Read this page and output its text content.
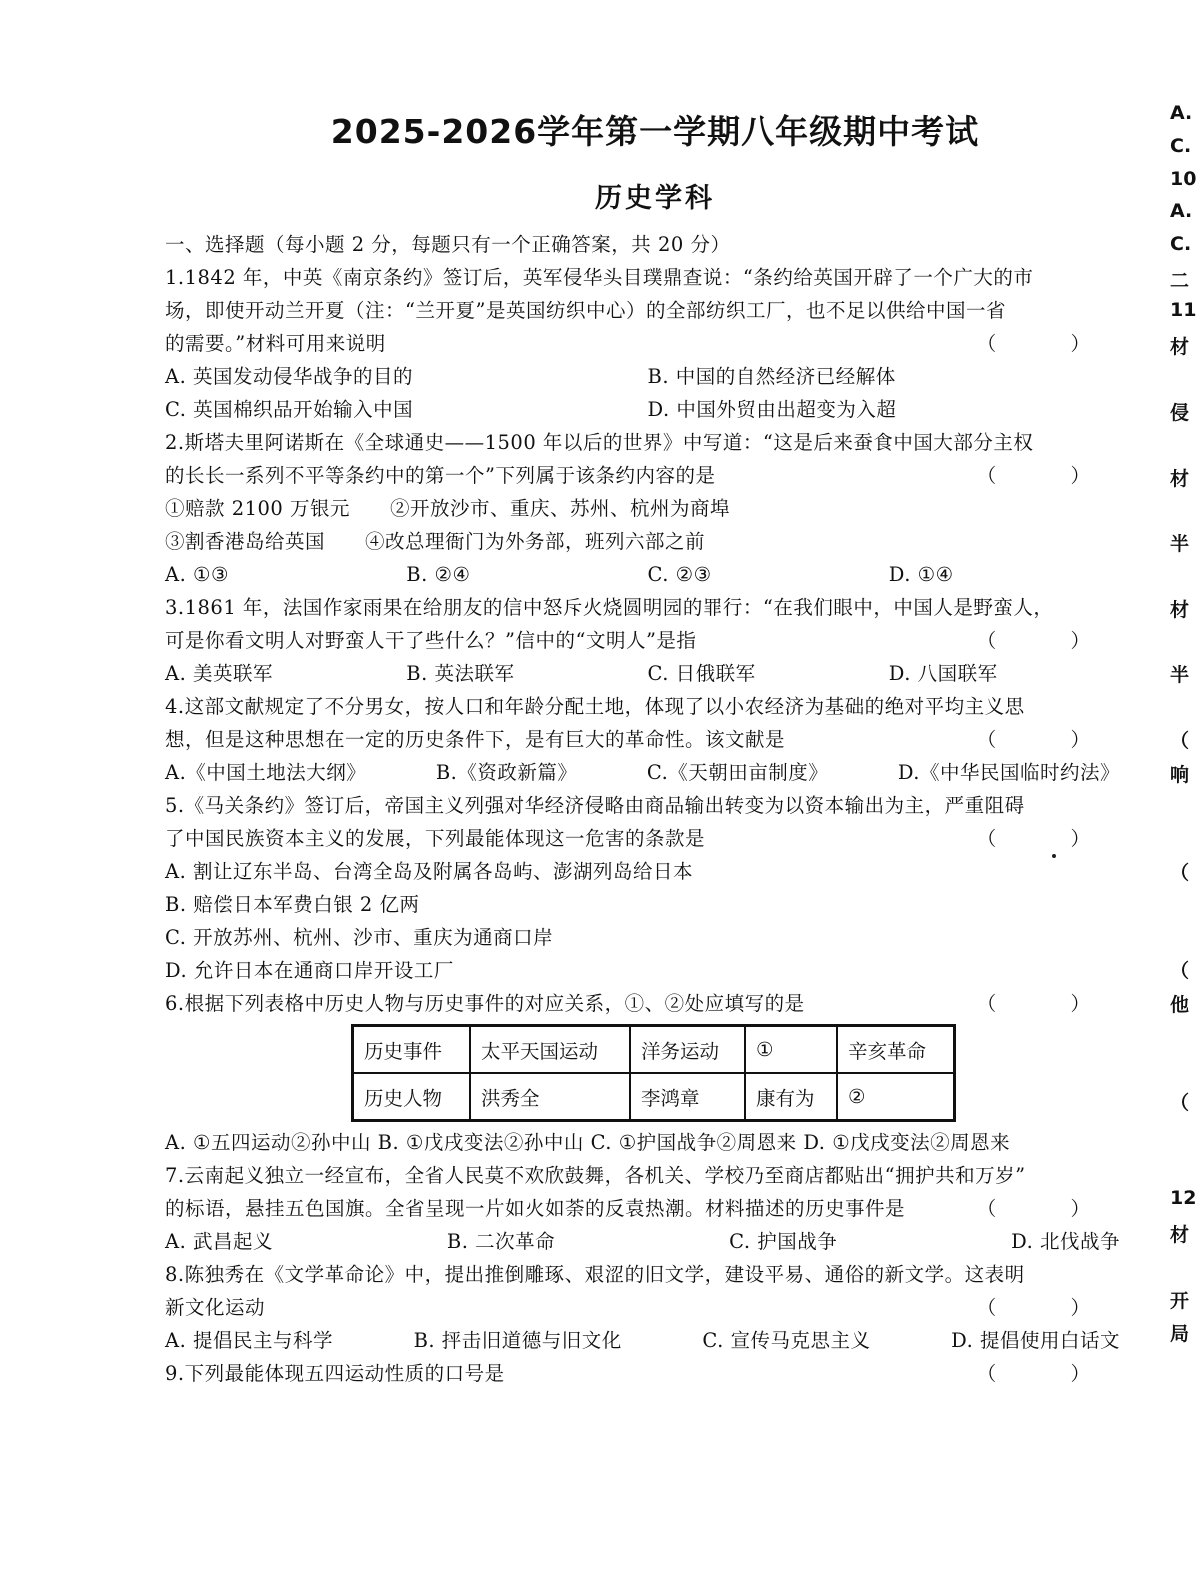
2025-2026学年第一学期八年级期中考试
历史学科
一、选择题（每小题 2 分，每题只有一个正确答案，共 20 分）
1.1842 年，中英《南京条约》签订后，英军侵华头目璞鼎查说：“条约给英国开辟了一个广大的市
场，即使开动兰开夏（注：“兰开夏”是英国纺织中心）的全部纺织工厂，也不足以供给中国一省
的需要。”材料可用来说明	（ ）
A. 英国发动侵华战争的目的	B. 中国的自然经济已经解体
C. 英国棉织品开始输入中国	D. 中国外贸由出超变为入超
2.斯塔夫里阿诺斯在《全球通史——1500 年以后的世界》中写道：“这是后来蚕食中国大部分主权
的长长一系列不平等条约中的第一个”下列属于该条约内容的是	（ ）
①赔款 2100 万银元 ②开放沙市、重庆、苏州、杭州为商埠
③割香港岛给英国 ④改总理衙门为外务部，班列六部之前
A. ①③	B. ②④	C. ②③	D. ①④
3.1861 年，法国作家雨果在给朋友的信中怒斥火烧圆明园的罪行：“在我们眼中，中国人是野蛮人，
可是你看文明人对野蛮人干了些什么？”信中的“文明人”是指	（ ）
A. 美英联军	B. 英法联军	C. 日俄联军	D. 八国联军
4.这部文献规定了不分男女，按人口和年龄分配土地，体现了以小农经济为基础的绝对平均主义思
想，但是这种思想在一定的历史条件下，是有巨大的革命性。该文献是	（ ）
A.《中国土地法大纲》	B.《资政新篇》	C.《天朝田亩制度》	D.《中华民国临时约法》
5.《马关条约》签订后，帝国主义列强对华经济侵略由商品输出转变为以资本输出为主，严重阻碍
了中国民族资本主义的发展，下列最能体现这一危害的条款是	（ ）
A. 割让辽东半岛、台湾全岛及附属各岛屿、澎湖列岛给日本
B. 赔偿日本军费白银 2 亿两
C. 开放苏州、杭州、沙市、重庆为通商口岸
D. 允许日本在通商口岸开设工厂
6.根据下列表格中历史人物与历史事件的对应关系，①、②处应填写的是	（ ）
历史事件	太平天国运动	洋务运动	①	辛亥革命
历史人物	洪秀全	李鸿章	康有为	②
A. ①五四运动②孙中山 B. ①戊戌变法②孙中山 C. ①护国战争②周恩来 D. ①戊戌变法②周恩来
7.云南起义独立一经宣布，全省人民莫不欢欣鼓舞，各机关、学校乃至商店都贴出“拥护共和万岁”
的标语，悬挂五色国旗。全省呈现一片如火如荼的反袁热潮。材料描述的历史事件是	（ ）
A. 武昌起义	B. 二次革命	C. 护国战争	D. 北伐战争
8.陈独秀在《文学革命论》中，提出推倒雕琢、艰涩的旧文学，建设平易、通俗的新文学。这表明
新文化运动	（ ）
A. 提倡民主与科学	B. 抨击旧道德与旧文化	C. 宣传马克思主义	D. 提倡使用白话文
9.下列最能体现五四运动性质的口号是	（ ）
A.
C.
10
A.
C.
二
11
材
侵
材
半
材
半
（
响
（
（
他
（
12
材
开
局
